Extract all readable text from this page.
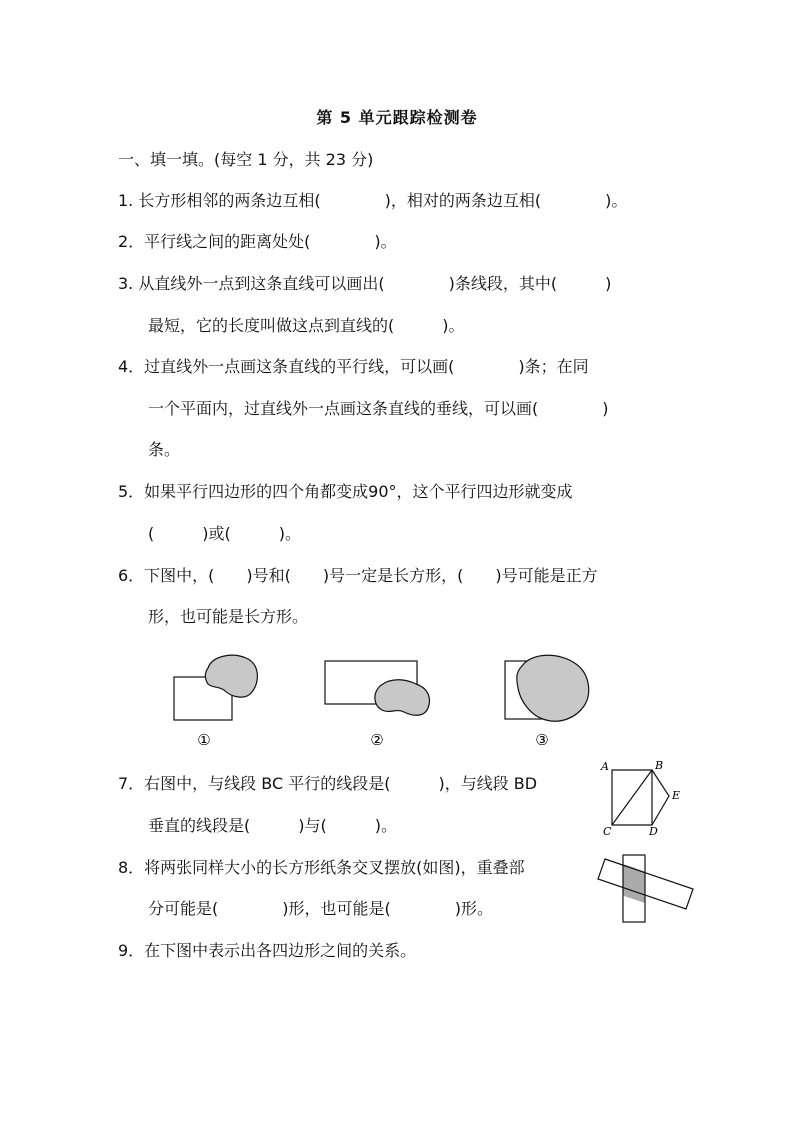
第 5 单元跟踪检测卷
一、填一填。(每空 1 分，共 23 分)
1. 长方形相邻的两条边互相(　　　　)，相对的两条边互相(　　　　)。
2．平行线之间的距离处处(　　　　)。
3. 从直线外一点到这条直线可以画出(　　　　)条线段，其中(　　　)
最短，它的长度叫做这点到直线的(　　　)。
4．过直线外一点画这条直线的平行线，可以画(　　　　)条；在同
一个平面内，过直线外一点画这条直线的垂线，可以画(　　　　)
条。
5．如果平行四边形的四个角都变成90°，这个平行四边形就变成
(　　　)或(　　　)。
6．下图中，(　　)号和(　　)号一定是长方形，(　　)号可能是正方
形，也可能是长方形。
①	②	③
7．右图中，与线段 BC 平行的线段是(　　　)，与线段 BD
垂直的线段是(　　　)与(　　　)。
A	B
C	D
E
8．将两张同样大小的长方形纸条交叉摆放(如图)，重叠部
分可能是(　　　　)形，也可能是(　　　　)形。
9．在下图中表示出各四边形之间的关系。
